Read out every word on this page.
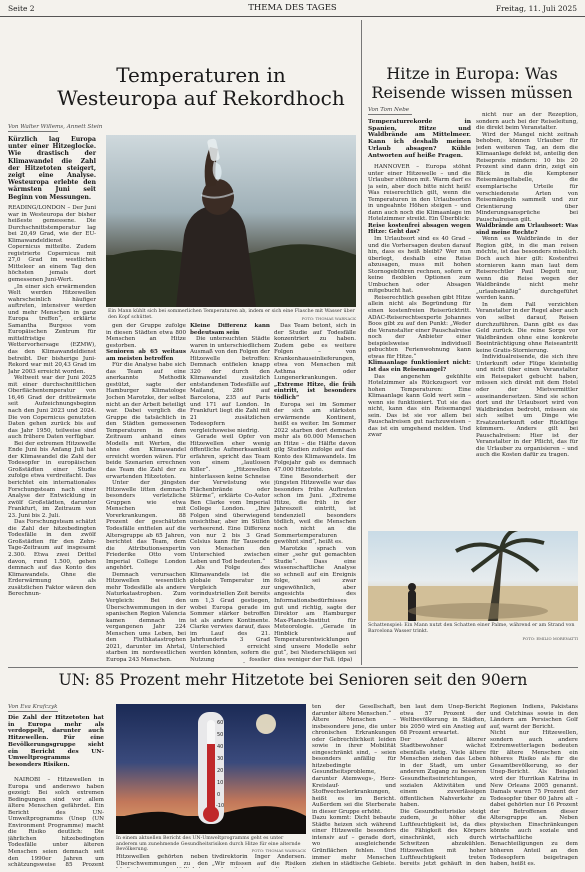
Seite 2	THEMA DES TAGES	Freitag, 11. Juli 2025
Temperaturen in Westeuropa auf Rekordhoch
Von Walter Willems, Annett Stein
Kürzlich lag Europa unter einer Hitzeglocke. Wie drastisch der Klimawandel die Zahl der Hitzetoten steigert, zeigt eine Analyse. Westeuropa erlebte den wärmsten Juni seit Beginn von Messungen.

READING/LONDON – Der Juni war in Westeuropa der bisher heißeste gemessene. Die Durchschnittstemperatur lag bei 20,49 Grad, wie der EU-Klimawandeldienst Copernicus mitteilte. Zudem registrierte Copernicus mit 27,0 Grad im westlichen Mitteleer an einem Tag den höchsten jemals dort gemessenen Juni-Wert.

„In einer sich erwärmenden Welt werden Hitzewellen wahrscheinlich häufiger auftreten, intensiver werden und mehr Menschen in ganz Europa treffen“, erklärte Samantha Burgess vom Europäischen Zentrum für mittelfristige Wettervorhersage (EZMW), das den Klimawandeldienst betreibt. Der bisherige Juni-Rekord war mit 20,43 Grad im Jahr 2003 erreicht worden.

Weltweit war der Juni 2025 mit einer durchschnittlichen Oberflächentemperatur von 16,46 Grad der drittwärmste seit Aufzeichnungsbeginn nach den Juni 2023 und 2024. Die von Copernicus genutzten Daten gehen zurück bis auf das Jahr 1950, teilweise sind auch frühere Daten verfügbar.

Bei der extremen Hitzewelle Ende Juni bis Anfang Juli hat der Klimawandel die Zahl der Todesopfer in europäischen Großstädten einer Studie zufolge etwa verdreifacht. Das berichtet ein internationales Forschungsteam nach einer Analyse der Entwicklung in zwölf Großstädten, darunter Frankfurt, im Zeitraum von 23. Juni bis 2. Juli.

Das Forschungsteam schätzt die Zahl der hitzebedingten Todesfälle in den zwölf Großstädten für den Zehn-Tage-Zeitraum auf insgesamt 2.300. Etwa zwei Drittel davon, rund 1.500, gehen demnach auf das Konto des Klimawandels. Ohne die Erderwärmung als zusätzlichen Faktor wären den Berechnun-

Ein Mann kühlt sich bei sommerlichen Temperaturen ab, indem er sich eine Flasche mit Wasser über den Kopf schüttet.	FOTO: THOMAS WARNACK

gen der Gruppe zufolge in diesen Städten etwa 800 Menschen an Hitze gestorben.

Senioren ab 65 weitaus am meisten betroffen

Für die Analyse habe sich das Team auf eine anerkannte Methodik gestützt, sagte der Hamburger Klimatologe Jochen Marotzke, der selbst nicht an der Arbeit beteiligt war. Dabei verglich die Gruppe die tatsächlich in den Städten gemessenen Temperaturen in dem Zeitraum anhand eines Modells mit Werten, die ohne den Klimawandel erreicht worden wären. Für beide Szenarien errechnen das Team die Zahl der zu erwartenden Hitzetoten.

Unter der jüngsten Hitzewelle litten demnach besonders verletzliche Gruppen wie etwa Menschen mit Vorerkrankungen. 88 Prozent der geschätzten Todesfälle entfielen auf die Altersgruppe ab 65 Jahren, berichtet das Team, dem die Attributionsexpertin Friederike Otto vom Imperial College London angehört.

Demnach verursachen Hitzewellen wesentlich mehr Todesfälle als andere Naturkatastrophen. Zum Vergleich: Bei den Überschwemmungen in der spanischen Region Valencia kamen demnach im vergangenen Jahr 224 Menschen ums Leben, bei den Fluthkatastrophen 2021, darunter im Ahrtal, starben im nordwestlichen Europa 243 Menschen.

Kleine Differenz kann bedeutsam sein

Die untersuchten Städte waren in unterschiedlichem Ausmaß von den Folgen der Hitzewelle betroffen: Demnach entfielen knapp 320 der durch den Klimawandel zusätzlich entstandenen Todesfälle auf Mailand, 286 auf Barcelona, 235 auf Paris und 171 auf London. In Frankfurt liegt die Zahl mit 21 zusätzlichen Todesopfern vergleichsweise niedrig.

Gerade weil Opfer von Hitzewellen eher wenig öffentliche Aufmerksamkeit erfahren, spricht das Team von einem „lautlosen Killer“. „Hitzewellen hinterlassen keine Schneise der Verwüstung wie Flächenbrände oder Stürme“, erklärte Co-Autor Ben Clarke vom Imperial College London. „Ihre Folgen sind überwiegend unsichtbar, aber im Stillen verheerend. Eine Differenz von nur 2 bis 3 Grad Celsius kann für Tausende von Menschen den Unterschied zwischen Leben und Tod bedeuten.“

Als Folge des Klimawandels ist die globale Temperatur im Vergleich zur vorindustriellen Zeit bereits um 1,3 Grad gestiegen, wobei Europa gerade im Sommer stärker betroffen ist als andere Kontinente. Clarke verwies darauf, dass im Lauf des 21. Jahrhunderts 3 Grad Unterschied erreicht werden könnten, sofern die Nutzung fossiler

Das Team betont, sich in der Studie auf Todesfälle konzentriert zu haben. Zudem gebe es weitere Folgen – von Krankenhauseinlieferungen, etwa von Menschen mit Asthma oder Lungenerkrankungen.

„Extreme Hitze, die früh eintritt, ist besonders tödlich“

Europa sei im Sommer der sich am stärksten erwärmende Kontinent, heißt es weiter. Im Sommer 2022 starben dort demnach mehr als 60.000 Menschen an Hitze – die Hälfte davon gilg Studien zufolge auf das Konto des Klimawandels. Im Folgejahr gab es demnach 47.000 Hitzetote.

Eine Besonderheit der jüngsten Hitzewelle war das besonders frühe Auftreten schon im Juni. „Extreme Hitze, die früh in der Jahreszeit eintritt, ist tendenziell besonders tödlich, weil die Menschen noch nicht an die Sommertemperaturen gewöhnt sind“, heißt es.

Marotzke sprach von einer „sehr gut gemachten Studie“. Dass eine wissenschaftliche Analyse so schnell auf ein Ereignis folge, sei zwar ungewöhnlich, aber angesichts des Informationsbedürfnisses gut und richtig, sagte der Direktor am Hamburger Max-Planck-Institut für Meteorologie. „Gerade in Hinblick auf Temperaturentwicklungen sind unsere Modelle sehr gut“, bei Niederschlägen sei dies weniger der Fall. (dpa)

Hitze in Europa: Was Reisende wissen müssen
Von Tom Nebe
Temperaturrekorde in Spanien, Hitze und Waldbrände am Mittelmeer. Kann ich deshalb meinen Urlaub absagen? Kühle Antworten auf heiße Fragen.

HANNOVER – Europa stöhnt unter einer Hitzewelle – und die Urlauber stöhnen mit. Warm darf es ja sein, aber doch bitte nicht heiß! Was reiserechtlich gilt, wenn die Temperaturen in den Urlaubsorten in ungeahnte Höhen steigen – und dann auch noch die Klimaanlage im Hotelzimmer streikt. Ein Überblick:

Reise kostenfrei absagen wegen Hitze: Geht das?

Im Urlaubsort sind es 40 Grad – und die Vorhersagen deuten darauf hin, dass es heiß bleibt? Wer nun überlegt, deshalb eine Reise abzusagen, muss mit hohen Stornogebühren rechnen, sofern er keine flexiblen Optionen zum Umbuchen oder Absagen mitgebucht hat.

Reiserechtlich gesehen gibt Hitze allein nicht als Begründung für einen kostenfreien Reiserücktritt. ADAC-Reiserechtsexperte Johannes Boos gibt zu auf den Punkt: „Weder die Veranstalter einer Pauschalreise noch der Anbieter einer beispielsweise individuell gebuchten Ferienwohnung kann etwas für Hitze.“

Klimaanlage funktioniert nicht: Ist das ein Reisemangel?

Das angenehm gekühlte Hotelzimmer als Rückzugsort vor hohen Temperaturen: Eine Klimaanlage kann Gold wert sein – wenn sie funktioniert. Tut sie das nicht, kann das ein Reisemangel sein. Das ist sie vor allem bei Pauschalreisen gut nachzuweisen – das ist ein umgehend melden. Und zwar

nicht nur an der Rezeption, sondern auch bei der Reiseleitung, die direkt beim Veranstalter.

Wird der Mangel nicht zeitnah behoben, können Urlauber für jeden weiteren Tag, an dem die Klimaanlage defekt ist, anteilig den Reisepreis mindern: 10 bis 20 Prozent sind dann drin, zeigt ein Blick in die Kemptener Reisemängeltabelle, die exemplarische Urteile für verschiedenste Arten von Reisemängeln sammelt und zur Orientierung über Minderungsansprüche bei Pauschalreisen gilt.

Waldbrände am Urlaubsort: Was sind meine Rechte?

Wenn es Waldbrände in der Region gibt, in die man reisen möchte, ist das besonders misslich. Doch auch hier gilt: Kostenfrei stornieren kann man laut dem Reiserechtler Paul Degott nur, wenn die Reise wegen der Waldbrände nicht mehr „urlaubsmäßig“ durchgeführt werden kann.

In dem Fall verzichten Veranstalter in der Regel aber auch von selbst darauf, Reisen durchzuführen. Dann gibt es das Geld zurück. Die reine Sorge vor Waldbränden ohne eine konkrete Beeinträchtigung ohne Reiseantritt keine Gratis-Stornierung.

Individualreisende, die sich ihre Unterkunft oder Flüge kleinteilig und nicht über einen Veranstalter ein Reisepaket gebucht haben, müssen sich direkt mit dem Hotel oder der Mietvermittler auseinandersetzen. Sind sie schon dort und ihr Urlaubsort wird von Waldbränden bedroht, müssen sie sich selbst um Dinge wie Ersatzunterkunft oder Rückflüge kümmern. Anders gilt bei Pauschalreisen: Hier ist der Veranstalter in der Pflicht, das für die Urlauber zu organisieren – und auch die Kosten dafür zu tragen.

Schattenspiel: Ein Mann nutzt den Schatten einer Palme, während er am Strand von Barcelona Wasser trinkt.
FOTO: EMILIO MORENATTI
UN: 85 Prozent mehr Hitzetote bei Senioren seit den 90ern
Von Eva Krafczyk
Die Zahl der Hitzetoten hat in Europa mehr als verdoppelt, darunter auch Hitzewellen. Für eine Bevölkerungsgruppe sieht ein Bericht des UN-Umweltprogramms besonders Risiken.

NAIROBI – Hitzewellen in Europa und anderswo haben gezeigt: Bei solch extremen Bedingungen sind vor allem ältere Menschen gefährdet. Ein Bericht des UN-Umweltprogramms (Unep (UN Environment Programme) macht die Risiko deutlich: Die jährlichen hitzebedingten Todesfälle unter älteren Menschen seien demnach seit den 1990er Jahren um schätzungsweise 85 Prozent

60
50
40
30
20
10
0
-10
In einem aktuellen Bericht des UN-Umweltprogramms geht es unter anderem um zunehmende Gesundheitsrisiken durch Hitze für eine alternde Bevölkerung.	FOTO: THOMAS WARNACK

Hitzewellen gehörten neben Überschwemmungen zu den

tivdirektorin Inger Andersen. „Wir müssen auf die Risiken

ten der Gesellschaft, darunter ältere Menschen.“
Ältere Menschen – insbesondere jene, die unter chronischen Erkrankungen oder Gebrechlichkeit leiden sowie in ihrer Mobilität eingeschränkt sind, – seien besonders anfällig für hitzebedingte Gesundheitsprobleme, darunter Atemwegs-, Herz-Kreislauf- und Stoffwechselerkrankungen, heißt es im Bericht. Außerdem sei die Sterberate in dieser Gruppe erhöht.
Dazu kommt: Dicht bebaute Städte heizen sich während einer Hitzewelle besonders intensiv auf – gerade dort, wo ausgleichende Grünflächen fehlen. Und immer mehr Menschen ziehen in städtische Gebiete.
ben laut dem Unep-Bericht etwa 57 Prozent der Weltbevölkerung in Städten, bis 2050 wird ein Anstieg auf 68 Prozent erwartet.
Der Anteil älterer Stadtbewohner wächst ebenfalls stetig. Viele ältere Menschen ziehen das Leben in der Stadt, um unter anderem Zugang zu besseren Gesundheitseinrichtungen, sozialen Aktivitäten und einem zuverlässigen öffentlichen Nahverkehr zu haben.
Die Gesundheitsrisiko steigt zudem, je höher die Luftfeuchtigkeit ist, da dies die Fähigkeit des Körpers einschränkt, sich durch Schwitzen abzukühlen. Hitzewellen mit hoher Luftfeuchtigkeit treten bereits jetzt gehäuft in den
Regionen Indiens, Pakistans und Ostchinas sowie in den Ländern am Persischen Golf auf, warnt der Bericht.
Nicht nur Hitzewellen, sondern auch andere Extremwetterlagen bedeuten für ältere Menschen ein höheres Risiko als für die Gesamtbevölkerung, so der Unep-Bericht. Als Beispiel wird der Hurrikan Katrina in New Orleans 2005 genannt. Damals waren 75 Prozent der Todesopfer über 60 Jahre alt – dabei gehörten nur 16 Prozent der Betroffenen dieser Altersgruppe an. Neben physischen Einschränkungen könnte auch soziale und wirtschaftliche Benachteiligungen zu dem höheren Anteil an den Todesopfern beigetragen haben, heißt es.
